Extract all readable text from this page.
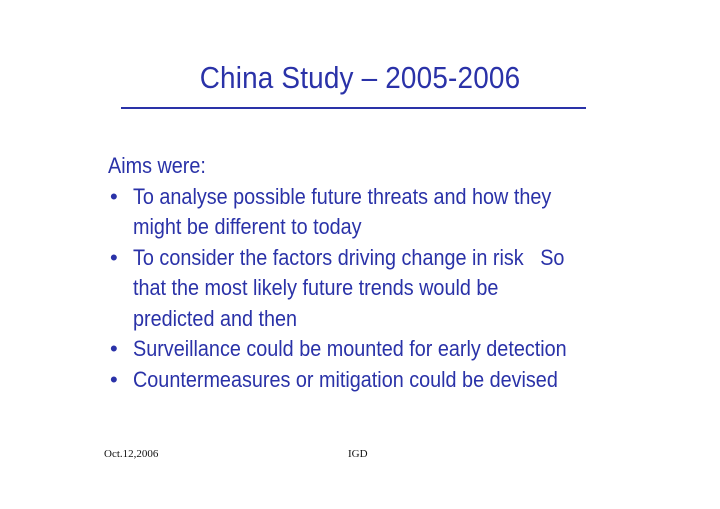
China Study – 2005-2006
Aims were:
• To analyse possible future threats and how they
might be different to today
• To consider the factors driving change in risk   So
that the most likely future trends would be
predicted and then
• Surveillance could be mounted for early detection
• Countermeasures or mitigation could be devised
Oct.12,2006	IGD
